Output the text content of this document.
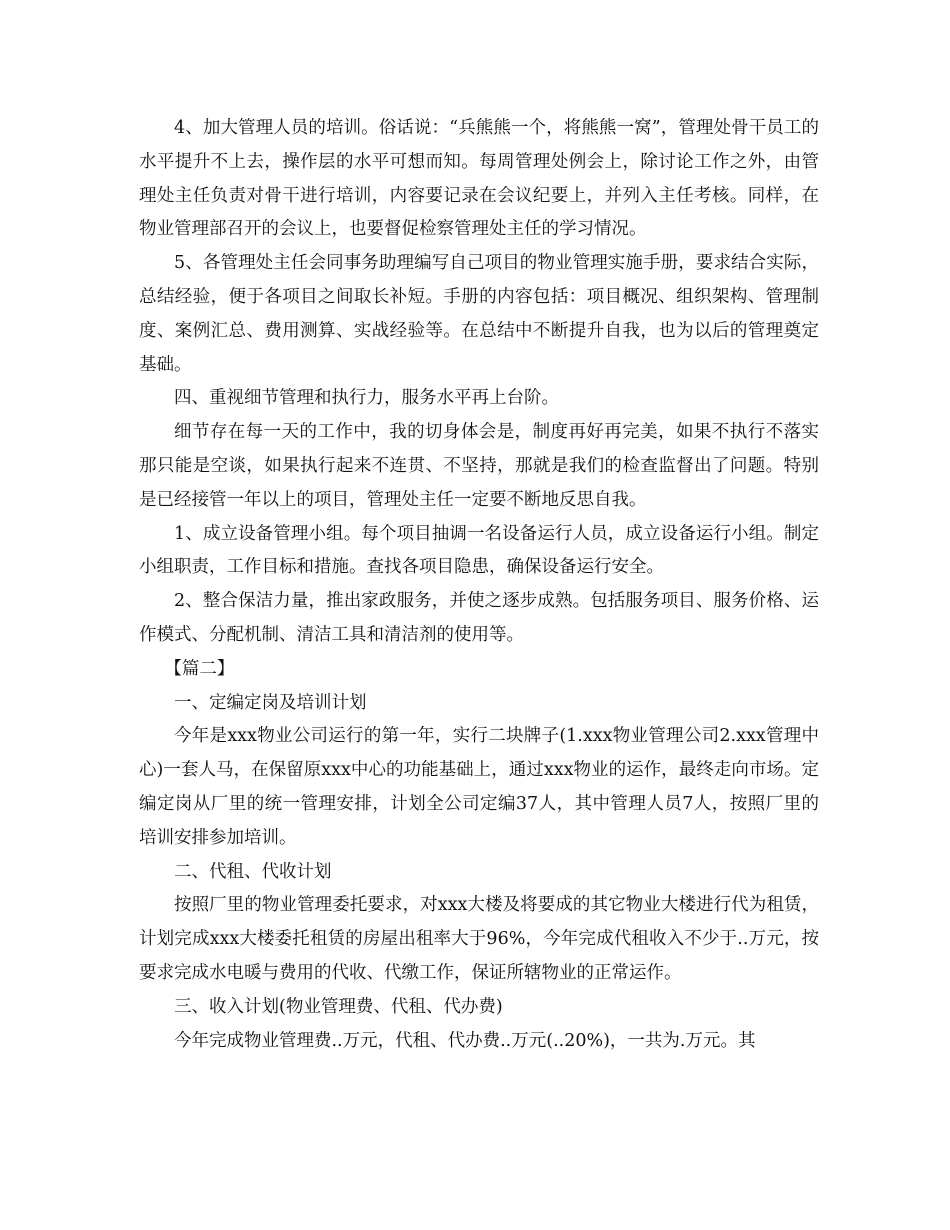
4、加大管理人员的培训。俗话说：“兵熊熊一个，将熊熊一窝”，管理处骨干员工的水平提升不上去，操作层的水平可想而知。每周管理处例会上，除讨论工作之外，由管理处主任负责对骨干进行培训，内容要记录在会议纪要上，并列入主任考核。同样，在物业管理部召开的会议上，也要督促检察管理处主任的学习情况。

5、各管理处主任会同事务助理编写自己项目的物业管理实施手册，要求结合实际，总结经验，便于各项目之间取长补短。手册的内容包括：项目概况、组织架构、管理制度、案例汇总、费用测算、实战经验等。在总结中不断提升自我，也为以后的管理奠定基础。

四、重视细节管理和执行力，服务水平再上台阶。

细节存在每一天的工作中，我的切身体会是，制度再好再完美，如果不执行不落实那只能是空谈，如果执行起来不连贯、不坚持，那就是我们的检查监督出了问题。特别是已经接管一年以上的项目，管理处主任一定要不断地反思自我。

1、成立设备管理小组。每个项目抽调一名设备运行人员，成立设备运行小组。制定小组职责，工作目标和措施。查找各项目隐患，确保设备运行安全。

2、整合保洁力量，推出家政服务，并使之逐步成熟。包括服务项目、服务价格、运作模式、分配机制、清洁工具和清洁剂的使用等。

【篇二】

一、定编定岗及培训计划

今年是xxx物业公司运行的第一年，实行二块牌子(1.xxx物业管理公司2.xxx管理中心)一套人马，在保留原xxx中心的功能基础上，通过xxx物业的运作，最终走向市场。定编定岗从厂里的统一管理安排，计划全公司定编37人，其中管理人员7人，按照厂里的培训安排参加培训。

二、代租、代收计划

按照厂里的物业管理委托要求，对xxx大楼及将要成的其它物业大楼进行代为租赁，计划完成xxx大楼委托租赁的房屋出租率大于96%，今年完成代租收入不少于..万元，按要求完成水电暖与费用的代收、代缴工作，保证所辖物业的正常运作。

三、收入计划(物业管理费、代租、代办费)

今年完成物业管理费..万元，代租、代办费..万元(..20%)，一共为.万元。其
